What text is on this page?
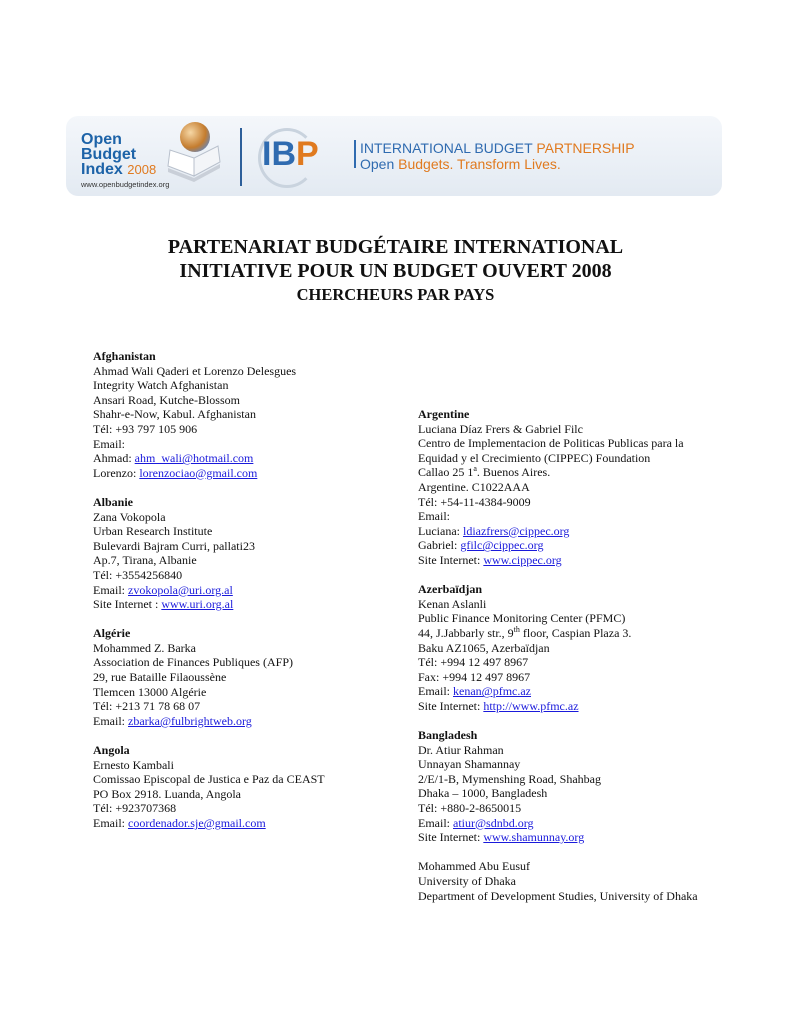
Open
Budget
Index 2008
www.openbudgetindex.org
IBP	INTERNATIONAL BUDGET PARTNERSHIP
Open Budgets. Transform Lives.
PARTENARIAT BUDGÉTAIRE INTERNATIONAL
INITIATIVE POUR UN BUDGET OUVERT 2008
CHERCHEURS PAR PAYS
Afghanistan
Ahmad Wali Qaderi et Lorenzo Delesgues
Integrity Watch Afghanistan
Ansari Road, Kutche-Blossom
Shahr-e-Now, Kabul. Afghanistan
Tél: +93 797 105 906
Email:
Ahmad: ahm_wali@hotmail.com
Lorenzo: lorenzociao@gmail.com
Albanie
Zana Vokopola
Urban Research Institute
Bulevardi Bajram Curri, pallati23
Ap.7, Tirana, Albanie
Tél: +3554256840
Email: zvokopola@uri.org.al
Site Internet : www.uri.org.al
Algérie
Mohammed Z. Barka
Association de Finances Publiques (AFP)
29, rue Bataille Filaoussène
Tlemcen 13000 Algérie
Tél: +213 71 78 68 07
Email: zbarka@fulbrightweb.org
Angola
Ernesto Kambali
Comissao Episcopal de Justica e Paz da CEAST
PO Box 2918. Luanda, Angola
Tél: +923707368
Email: coordenador.sje@gmail.com
Argentine
Luciana Díaz Frers & Gabriel Filc
Centro de Implementacion de Politicas Publicas para la Equidad y el Crecimiento (CIPPEC) Foundation
Callao 25 1$^a$. Buenos Aires.
Argentine. C1022AAA
Tél: +54-11-4384-9009
Email:
Luciana: ldiazfrers@cippec.org
Gabriel: gfilc@cippec.org
Site Internet: www.cippec.org
Azerbaïdjan
Kenan Aslanli
Public Finance Monitoring Center (PFMC)
44, J.Jabbarly str., 9th floor, Caspian Plaza 3.
Baku AZ1065, Azerbaïdjan
Tél: +994 12 497 8967
Fax: +994 12 497 8967
Email: kenan@pfmc.az
Site Internet: http://www.pfmc.az
Bangladesh
Dr. Atiur Rahman
Unnayan Shamannay
2/E/1-B, Mymenshing Road, Shahbag
Dhaka – 1000, Bangladesh
Tél: +880-2-8650015
Email: atiur@sdnbd.org
Site Internet: www.shamunnay.org
Mohammed Abu Eusuf
University of Dhaka
Department of Development Studies, University of Dhaka
